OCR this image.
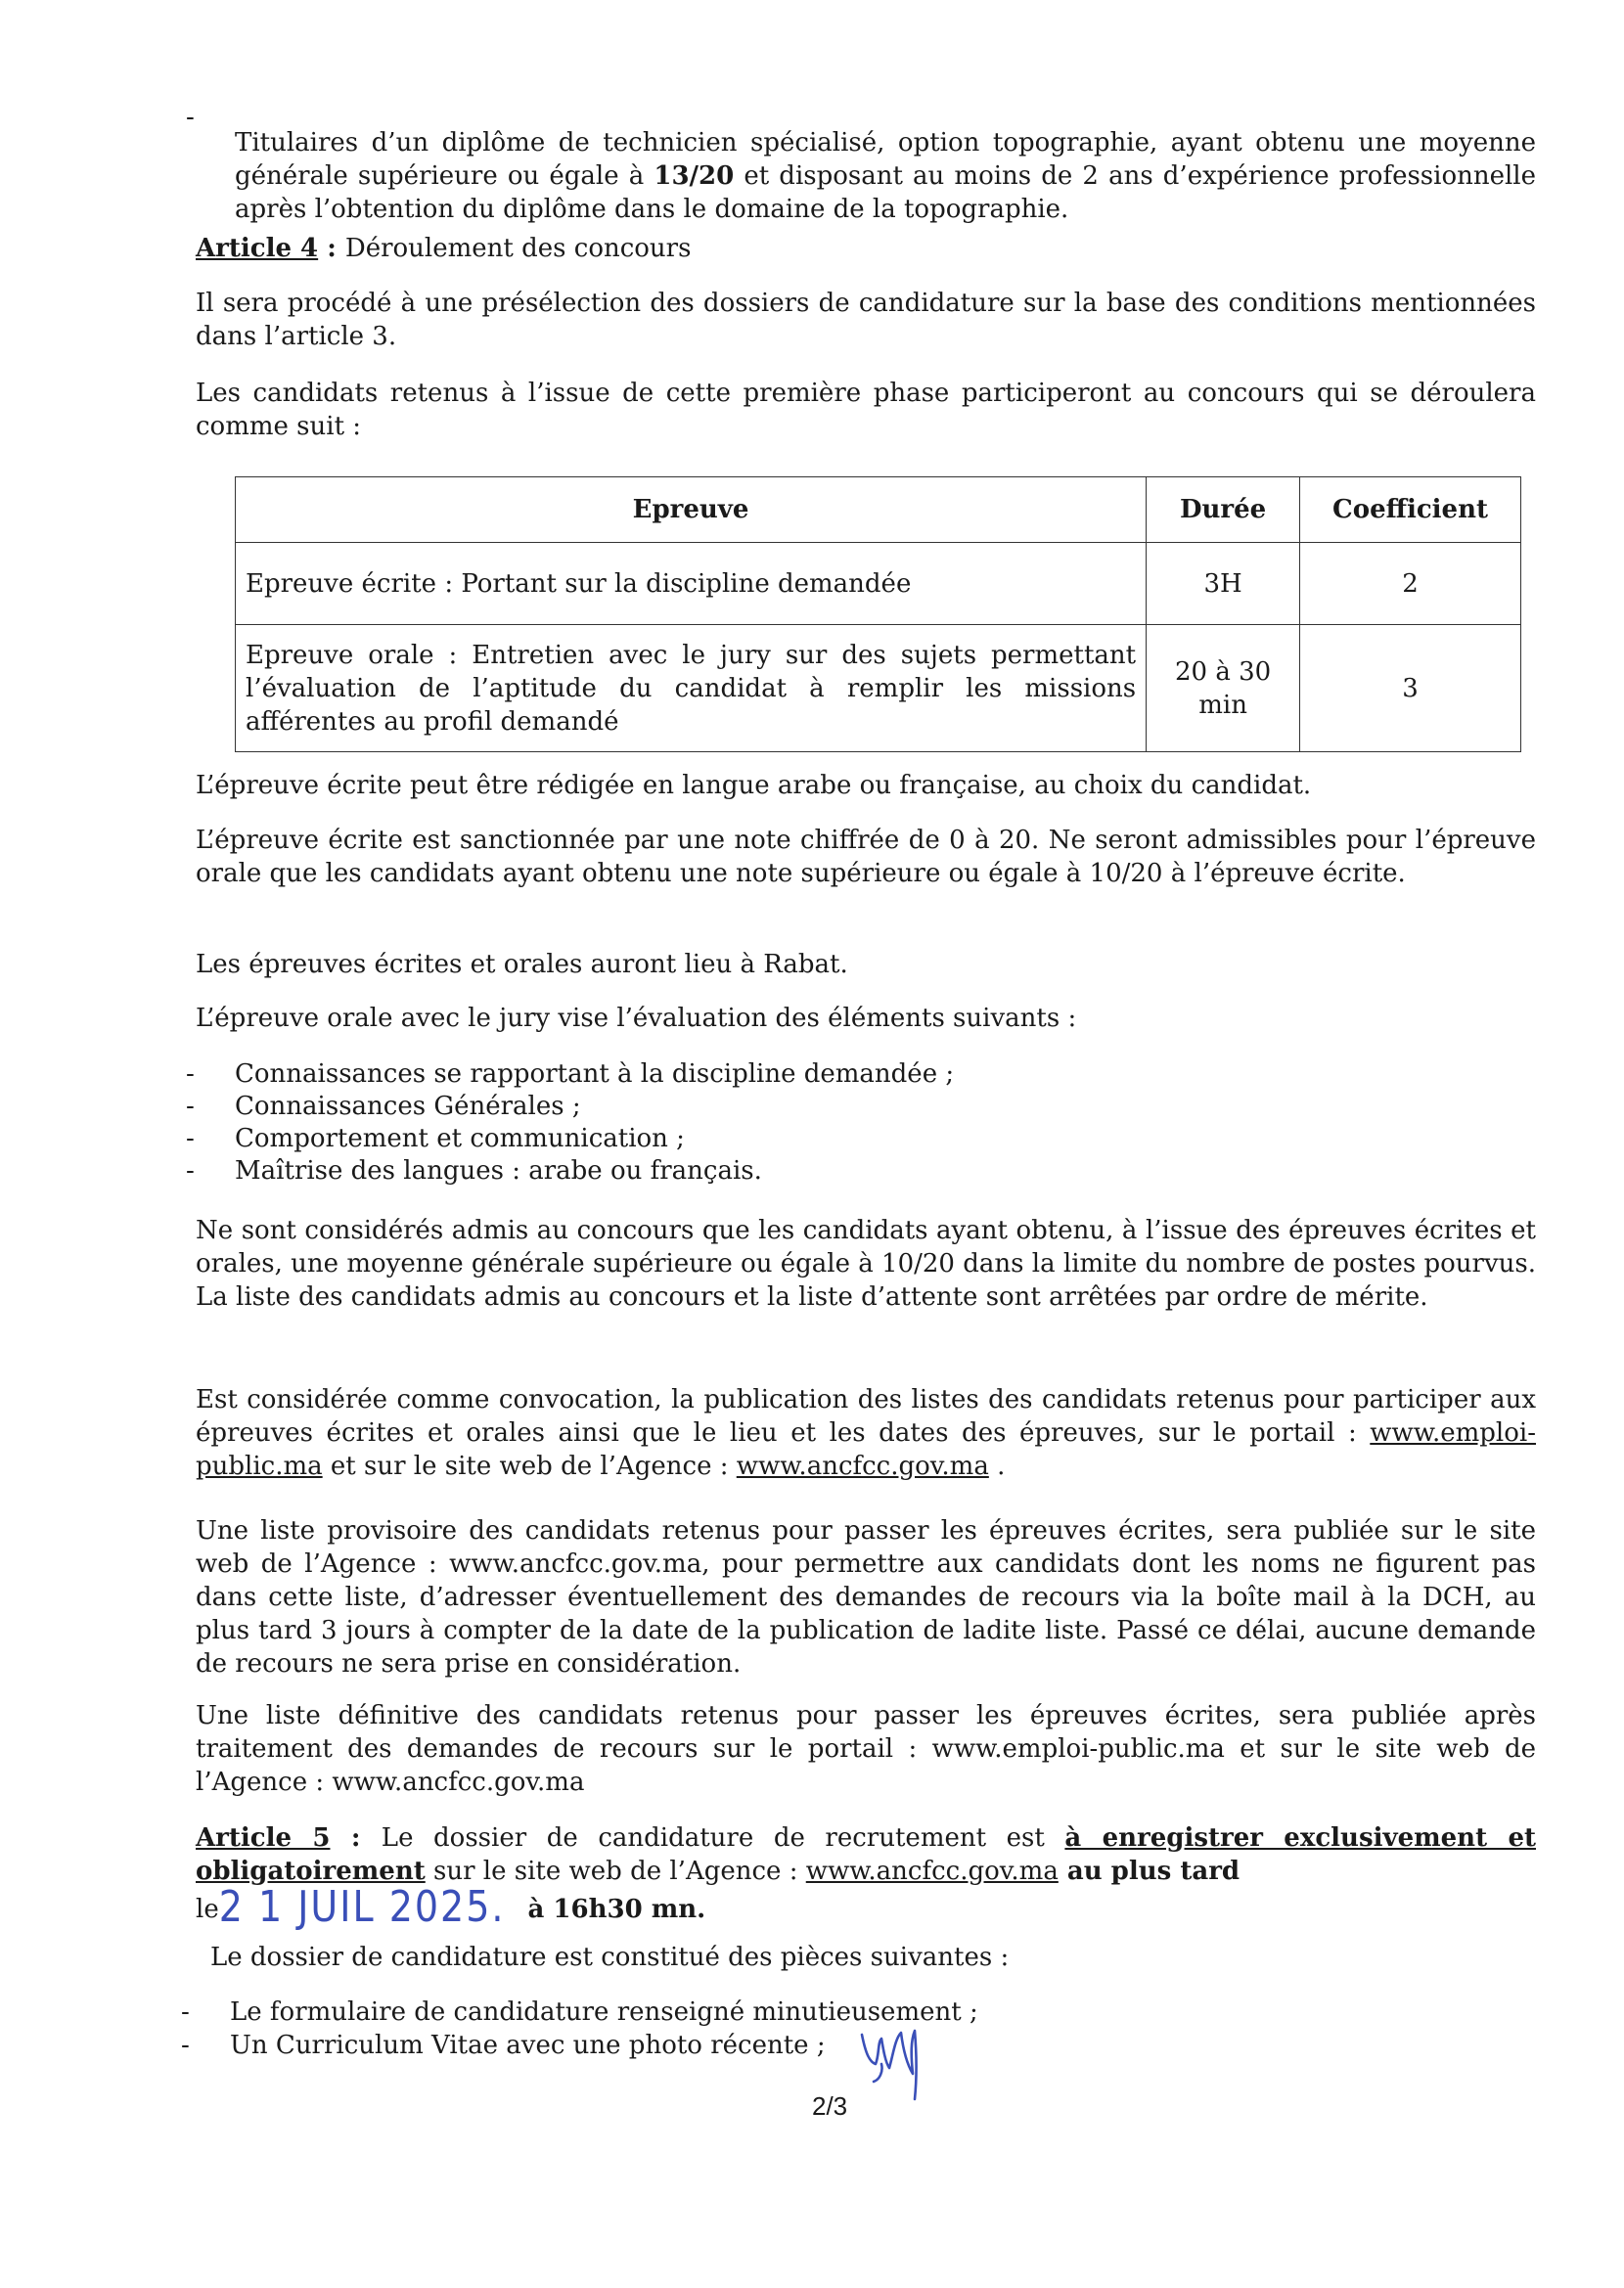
-

Titulaires d’un diplôme de technicien spécialisé, option topographie, ayant obtenu une moyenne générale supérieure ou égale à 13/20 et disposant au moins de 2 ans d’expérience professionnelle après l’obtention du diplôme dans le domaine de la topographie.

Article 4 : Déroulement des concours

Il sera procédé à une présélection des dossiers de candidature sur la base des conditions mentionnées dans l’article 3.

Les candidats retenus à l’issue de cette première phase participeront au concours qui se déroulera comme suit :

Epreuve	Durée	Coefficient
Epreuve écrite : Portant sur la discipline demandée	3H	2
Epreuve orale : Entretien avec le jury sur des sujets permettant l’évaluation de l’aptitude du candidat à remplir les missions afférentes au profil demandé	20 à 30 min	3

L’épreuve écrite peut être rédigée en langue arabe ou française, au choix du candidat.

L’épreuve écrite est sanctionnée par une note chiffrée de 0 à 20. Ne seront admissibles pour l’épreuve orale que les candidats ayant obtenu une note supérieure ou égale à 10/20 à l’épreuve écrite.

Les épreuves écrites et orales auront lieu à Rabat.

L’épreuve orale avec le jury vise l’évaluation des éléments suivants :

- Connaissances se rapportant à la discipline demandée ;
- Connaissances Générales ;
- Comportement et communication ;
- Maîtrise des langues : arabe ou français.

Ne sont considérés admis au concours que les candidats ayant obtenu, à l’issue des épreuves écrites et orales, une moyenne générale supérieure ou égale à 10/20 dans la limite du nombre de postes pourvus. La liste des candidats admis au concours et la liste d’attente sont arrêtées par ordre de mérite.

Est considérée comme convocation, la publication des listes des candidats retenus pour participer aux épreuves écrites et orales ainsi que le lieu et les dates des épreuves, sur le portail : www.emploi-public.ma et sur le site web de l’Agence : www.ancfcc.gov.ma .

Une liste provisoire des candidats retenus pour passer les épreuves écrites, sera publiée sur le site web de l’Agence : www.ancfcc.gov.ma, pour permettre aux candidats dont les noms ne figurent pas dans cette liste, d’adresser éventuellement des demandes de recours via la boîte mail à la DCH, au plus tard 3 jours à compter de la date de la publication de ladite liste. Passé ce délai, aucune demande de recours ne sera prise en considération.

Une liste définitive des candidats retenus pour passer les épreuves écrites, sera publiée après traitement des demandes de recours sur le portail : www.emploi-public.ma et sur le site web de l’Agence : www.ancfcc.gov.ma

Article 5 : Le dossier de candidature de recrutement est à enregistrer exclusivement et obligatoirement sur le site web de l’Agence : www.ancfcc.gov.ma au plus tard

le2 1 JUIL 2025. à 16h30 mn.

Le dossier de candidature est constitué des pièces suivantes :

- Le formulaire de candidature renseigné minutieusement ;
- Un Curriculum Vitae avec une photo récente ;
2/3
